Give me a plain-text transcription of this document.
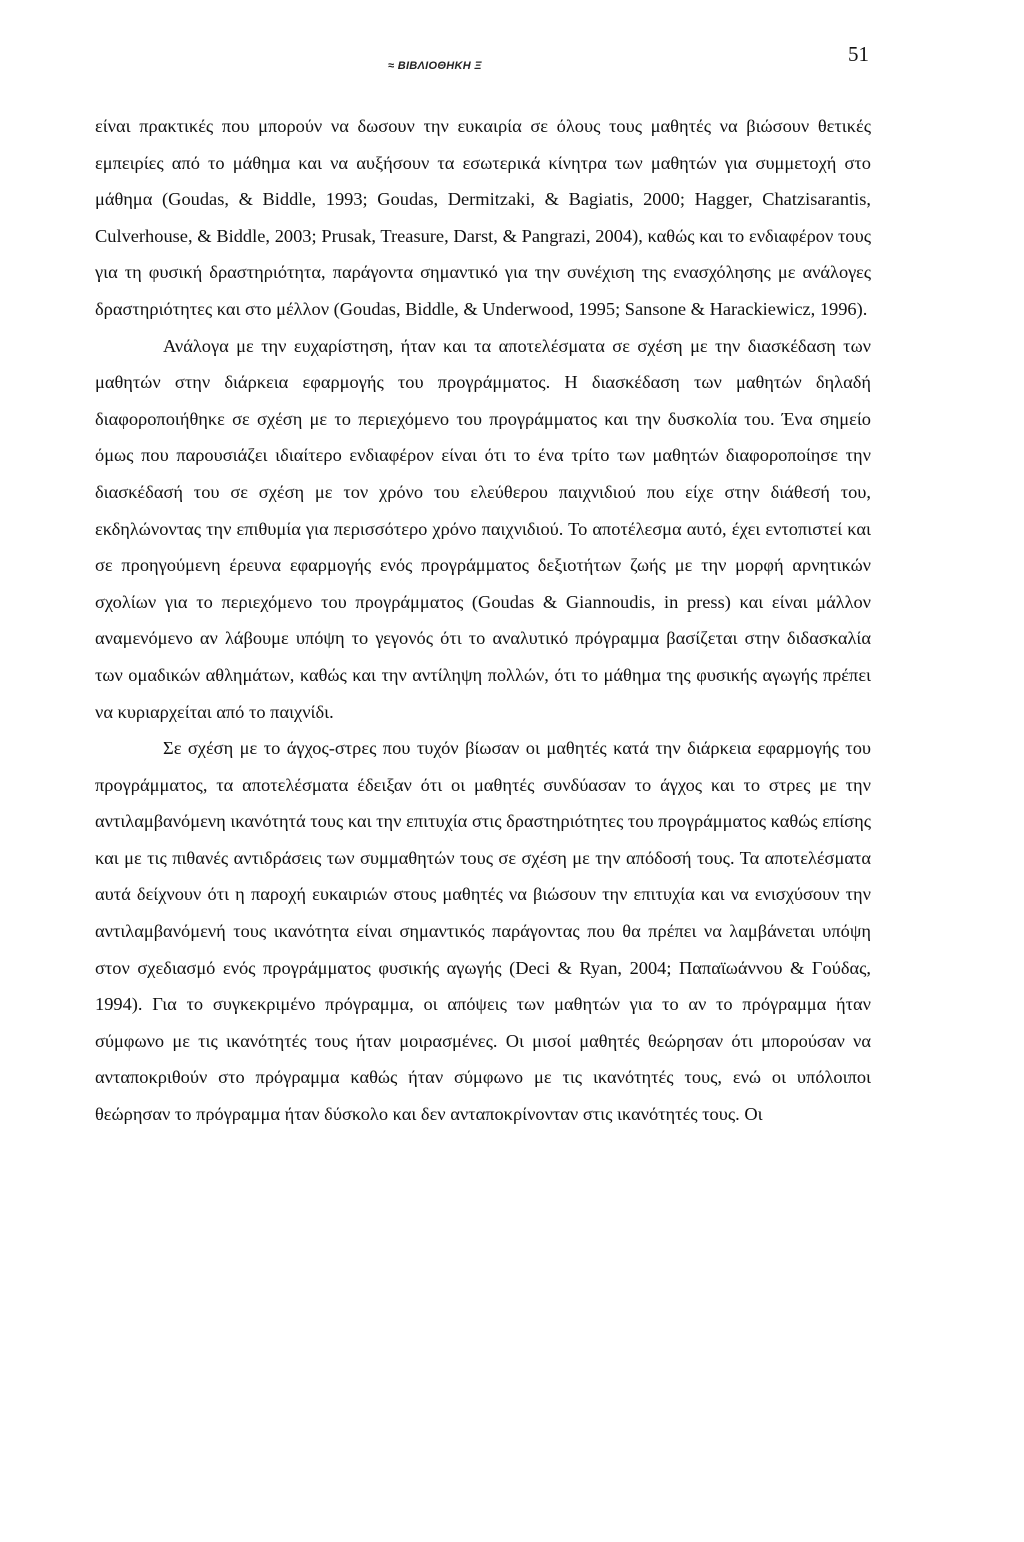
≈ ΒΙΒΛΙΟΘΗΚΗ Ξ	51

είναι πρακτικές που μπορούν να δωσουν την ευκαιρία σε όλους τους μαθητές να βιώσουν θετικές εμπειρίες από το μάθημα και να αυξήσουν τα εσωτερικά κίνητρα των μαθητών για συμμετοχή στο μάθημα (Goudas, & Biddle, 1993; Goudas, Dermitzaki, & Bagiatis, 2000; Hagger, Chatzisarantis, Culverhouse, & Biddle, 2003; Prusak, Treasure, Darst, & Pangrazi, 2004), καθώς και το ενδιαφέρον τους για τη φυσική δραστηριότητα, παράγοντα σημαντικό για την συνέχιση της ενασχόλησης με ανάλογες δραστηριότητες και στο μέλλον (Goudas, Biddle, & Underwood, 1995; Sansone & Harackiewicz, 1996).

Ανάλογα με την ευχαρίστηση, ήταν και τα αποτελέσματα σε σχέση με την διασκέδαση των μαθητών στην διάρκεια εφαρμογής του προγράμματος. Η διασκέδαση των μαθητών δηλαδή διαφοροποιήθηκε σε σχέση με το περιεχόμενο του προγράμματος και την δυσκολία του. Ένα σημείο όμως που παρουσιάζει ιδιαίτερο ενδιαφέρον είναι ότι το ένα τρίτο των μαθητών διαφοροποίησε την διασκέδασή του σε σχέση με τον χρόνο του ελεύθερου παιχνιδιού που είχε στην διάθεσή του, εκδηλώνοντας την επιθυμία για περισσότερο χρόνο παιχνιδιού. Το αποτέλεσμα αυτό, έχει εντοπιστεί και σε προηγούμενη έρευνα εφαρμογής ενός προγράμματος δεξιοτήτων ζωής με την μορφή αρνητικών σχολίων για το περιεχόμενο του προγράμματος (Goudas & Giannoudis, in press) και είναι μάλλον αναμενόμενο αν λάβουμε υπόψη το γεγονός ότι το αναλυτικό πρόγραμμα βασίζεται στην διδασκαλία των ομαδικών αθλημάτων, καθώς και την αντίληψη πολλών, ότι το μάθημα της φυσικής αγωγής πρέπει να κυριαρχείται από το παιχνίδι.

Σε σχέση με το άγχος-στρες που τυχόν βίωσαν οι μαθητές κατά την διάρκεια εφαρμογής του προγράμματος, τα αποτελέσματα έδειξαν ότι οι μαθητές συνδύασαν το άγχος και το στρες με την αντιλαμβανόμενη ικανότητά τους και την επιτυχία στις δραστηριότητες του προγράμματος καθώς επίσης και με τις πιθανές αντιδράσεις των συμμαθητών τους σε σχέση με την απόδοσή τους. Τα αποτελέσματα αυτά δείχνουν ότι η παροχή ευκαιριών στους μαθητές να βιώσουν την επιτυχία και να ενισχύσουν την αντιλαμβανόμενή τους ικανότητα είναι σημαντικός παράγοντας που θα πρέπει να λαμβάνεται υπόψη στον σχεδιασμό ενός προγράμματος φυσικής αγωγής (Deci & Ryan, 2004; Παπαϊωάννου & Γούδας, 1994). Για το συγκεκριμένο πρόγραμμα, οι απόψεις των μαθητών για το αν το πρόγραμμα ήταν σύμφωνο με τις ικανότητές τους ήταν μοιρασμένες. Οι μισοί μαθητές θεώρησαν ότι μπορούσαν να ανταποκριθούν στο πρόγραμμα καθώς ήταν σύμφωνο με τις ικανότητές τους, ενώ οι υπόλοιποι θεώρησαν το πρόγραμμα ήταν δύσκολο και δεν ανταποκρίνονταν στις ικανότητές τους. Οι
